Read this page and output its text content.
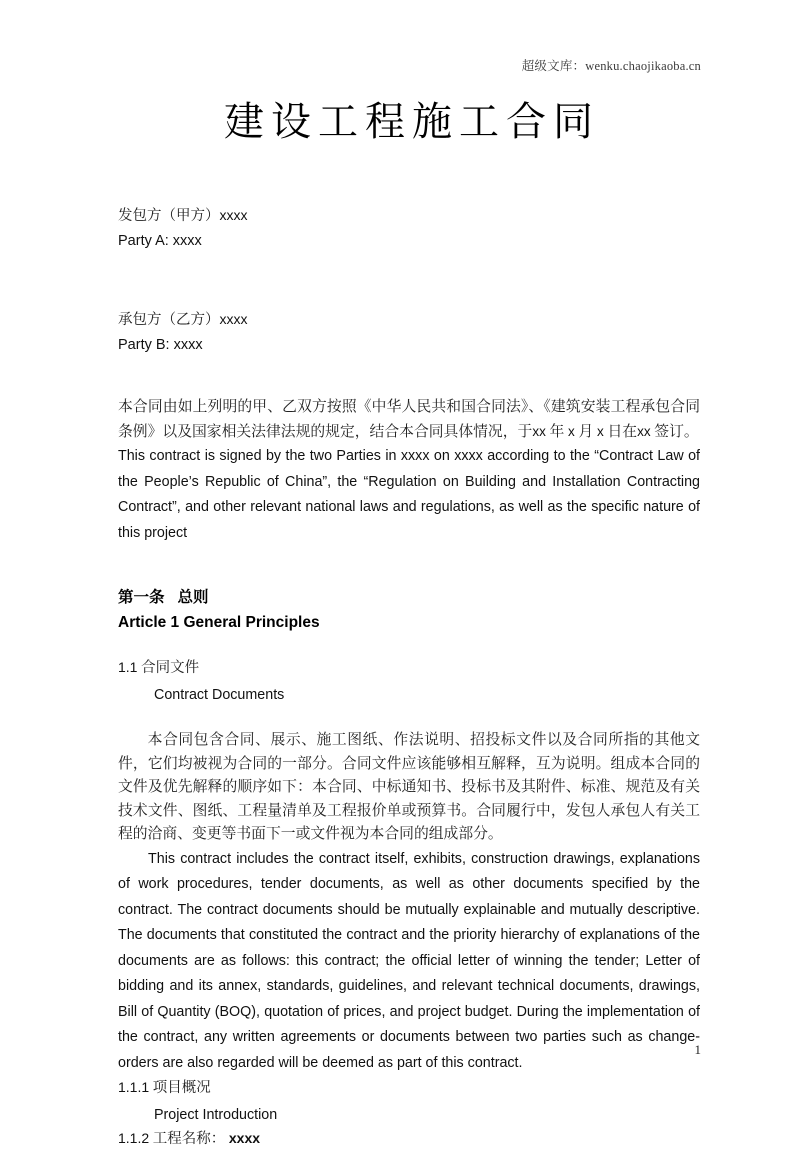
超级文库：wenku.chaojikaoba.cn
建设工程施工合同

发包方（甲方）xxxx

Party A: xxxx

承包方（乙方）xxxx

Party B: xxxx

本合同由如上列明的甲、乙双方按照《中华人民共和国合同法》、《建筑安装工程承包合同条例》以及国家相关法律法规的规定，结合本合同具体情况，于xx 年 x 月 x 日在xx 签订。

This contract is signed by the two Parties in xxxx on xxxx according to the “Contract Law of the People’s Republic of China”, the “Regulation on Building and Installation Contracting Contract”, and other relevant national laws and regulations, as well as the specific nature of this project

第一条 总则

Article 1 General Principles

1.1 合同文件

Contract Documents

本合同包含合同、展示、施工图纸、作法说明、招投标文件以及合同所指的其他文件，它们均被视为合同的一部分。合同文件应该能够相互解释，互为说明。组成本合同的文件及优先解释的顺序如下：本合同、中标通知书、投标书及其附件、标准、规范及有关技术文件、图纸、工程量清单及工程报价单或预算书。合同履行中，发包人承包人有关工程的洽商、变更等书面下一或文件视为本合同的组成部分。

This contract includes the contract itself, exhibits, construction drawings, explanations of work procedures, tender documents, as well as other documents specified by the contract. The contract documents should be mutually explainable and mutually descriptive. The documents that constituted the contract and the priority hierarchy of explanations of the documents are as follows: this contract; the official letter of winning the tender; Letter of bidding and its annex, standards, guidelines, and relevant technical documents, drawings, Bill of Quantity (BOQ), quotation of prices, and project budget. During the implementation of the contract, any written agreements or documents between two parties such as change-orders are also regarded will be deemed as part of this contract.

1.1.1 项目概况

Project Introduction

1.1.2 工程名称： xxxx

1
